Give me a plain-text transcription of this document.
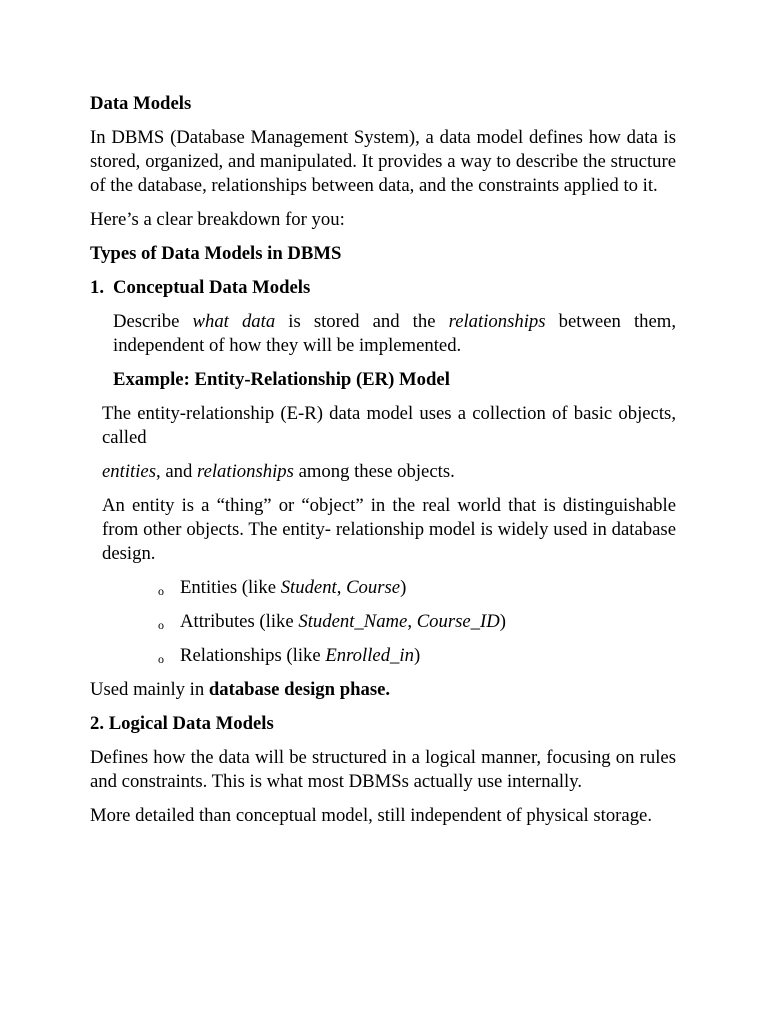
Data Models

In DBMS (Database Management System), a data model defines how data is stored, organized, and manipulated. It provides a way to describe the structure of the database, relationships between data, and the constraints applied to it.

Here’s a clear breakdown for you:

Types of Data Models in DBMS

1. Conceptual Data Models

Describe what data is stored and the relationships between them, independent of how they will be implemented.

Example: Entity-Relationship (ER) Model

The entity-relationship (E-R) data model uses a collection of basic objects, called

entities, and relationships among these objects.

An entity is a “thing” or “object” in the real world that is distinguishable from other objects. The entity- relationship model is widely used in database design.

o Entities (like Student, Course)
o Attributes (like Student_Name, Course_ID)
o Relationships (like Enrolled_in)

Used mainly in database design phase.

2. Logical Data Models

Defines how the data will be structured in a logical manner, focusing on rules and constraints. This is what most DBMSs actually use internally.

More detailed than conceptual model, still independent of physical storage.
